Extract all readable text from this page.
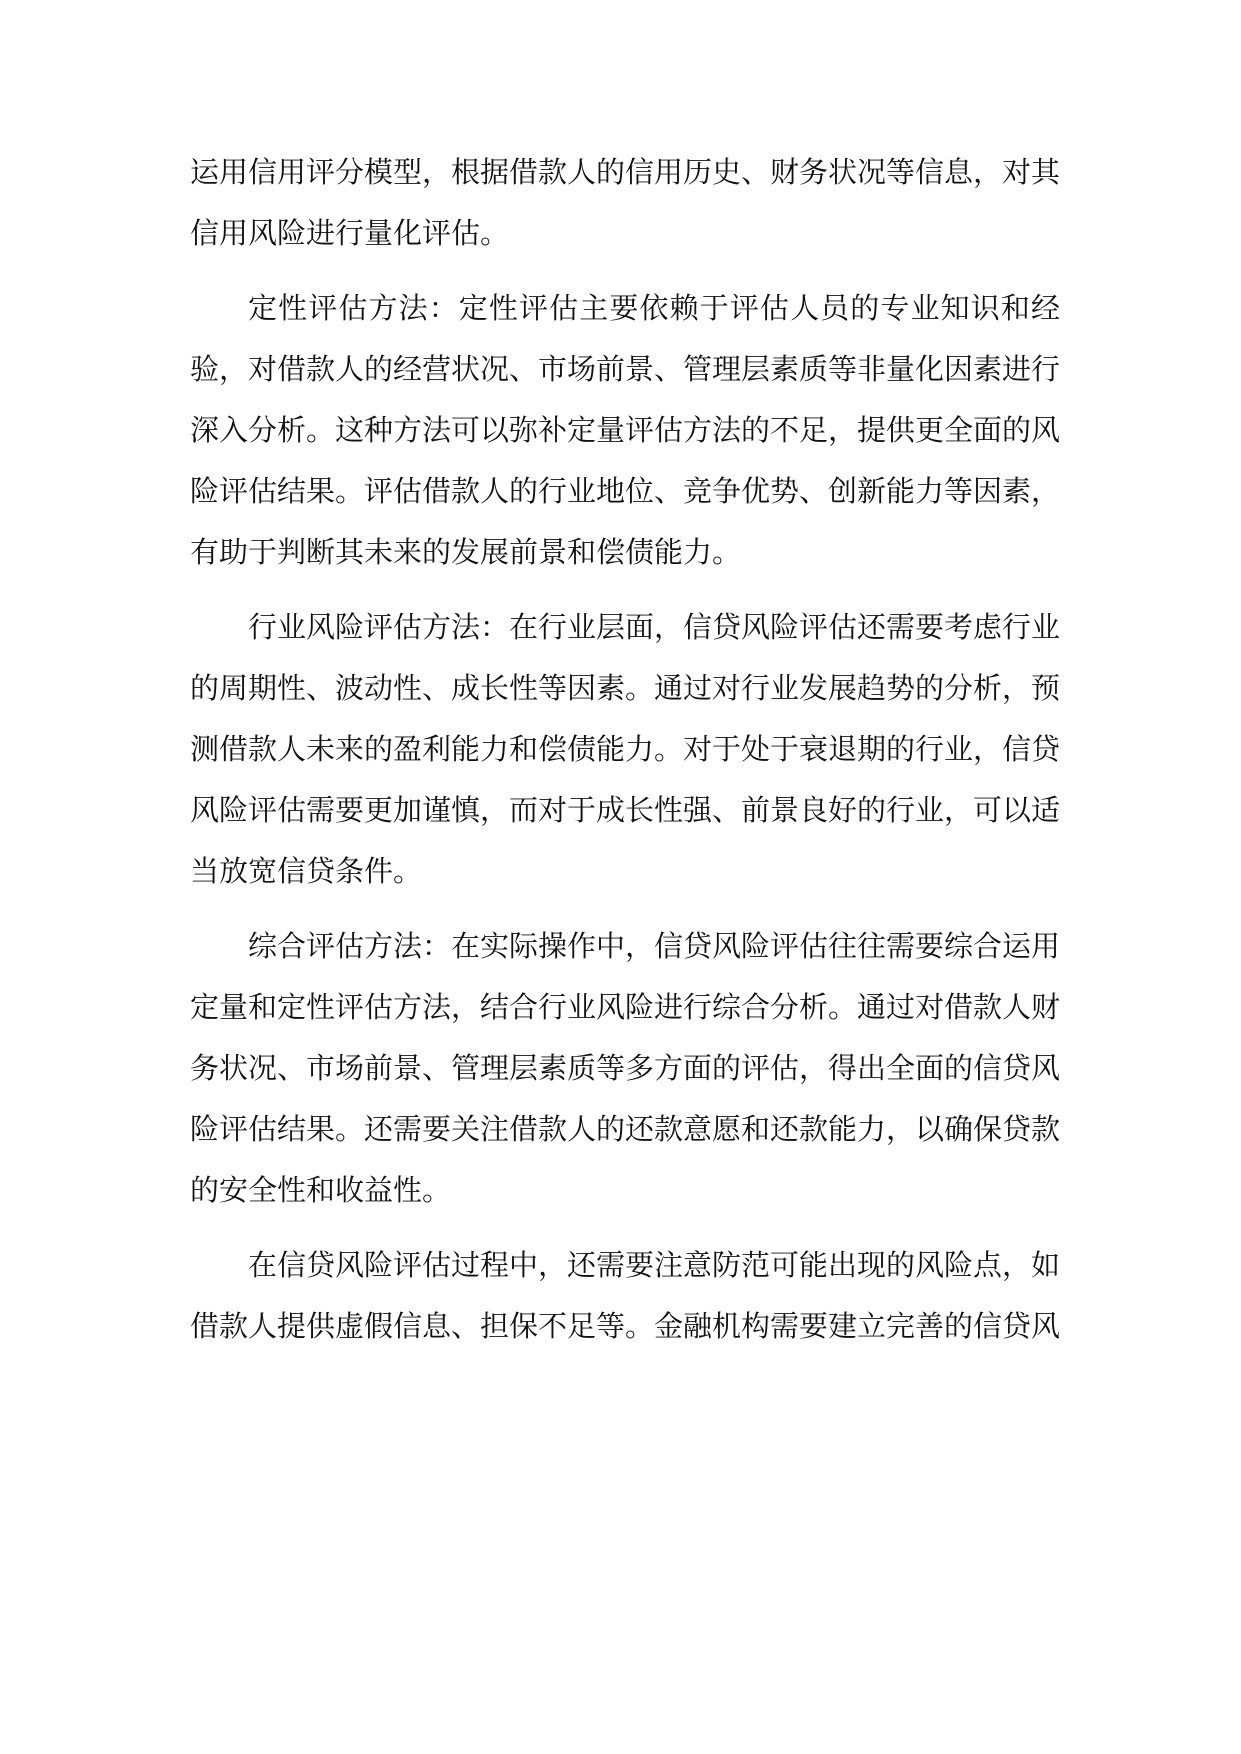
运用信用评分模型，根据借款人的信用历史、财务状况等信息，对其信用风险进行量化评估。

定性评估方法：定性评估主要依赖于评估人员的专业知识和经验，对借款人的经营状况、市场前景、管理层素质等非量化因素进行深入分析。这种方法可以弥补定量评估方法的不足，提供更全面的风险评估结果。评估借款人的行业地位、竞争优势、创新能力等因素，有助于判断其未来的发展前景和偿债能力。

行业风险评估方法：在行业层面，信贷风险评估还需要考虑行业的周期性、波动性、成长性等因素。通过对行业发展趋势的分析，预测借款人未来的盈利能力和偿债能力。对于处于衰退期的行业，信贷风险评估需要更加谨慎，而对于成长性强、前景良好的行业，可以适当放宽信贷条件。

综合评估方法：在实际操作中，信贷风险评估往往需要综合运用定量和定性评估方法，结合行业风险进行综合分析。通过对借款人财务状况、市场前景、管理层素质等多方面的评估，得出全面的信贷风险评估结果。还需要关注借款人的还款意愿和还款能力，以确保贷款的安全性和收益性。

在信贷风险评估过程中，还需要注意防范可能出现的风险点，如借款人提供虚假信息、担保不足等。金融机构需要建立完善的信贷风
